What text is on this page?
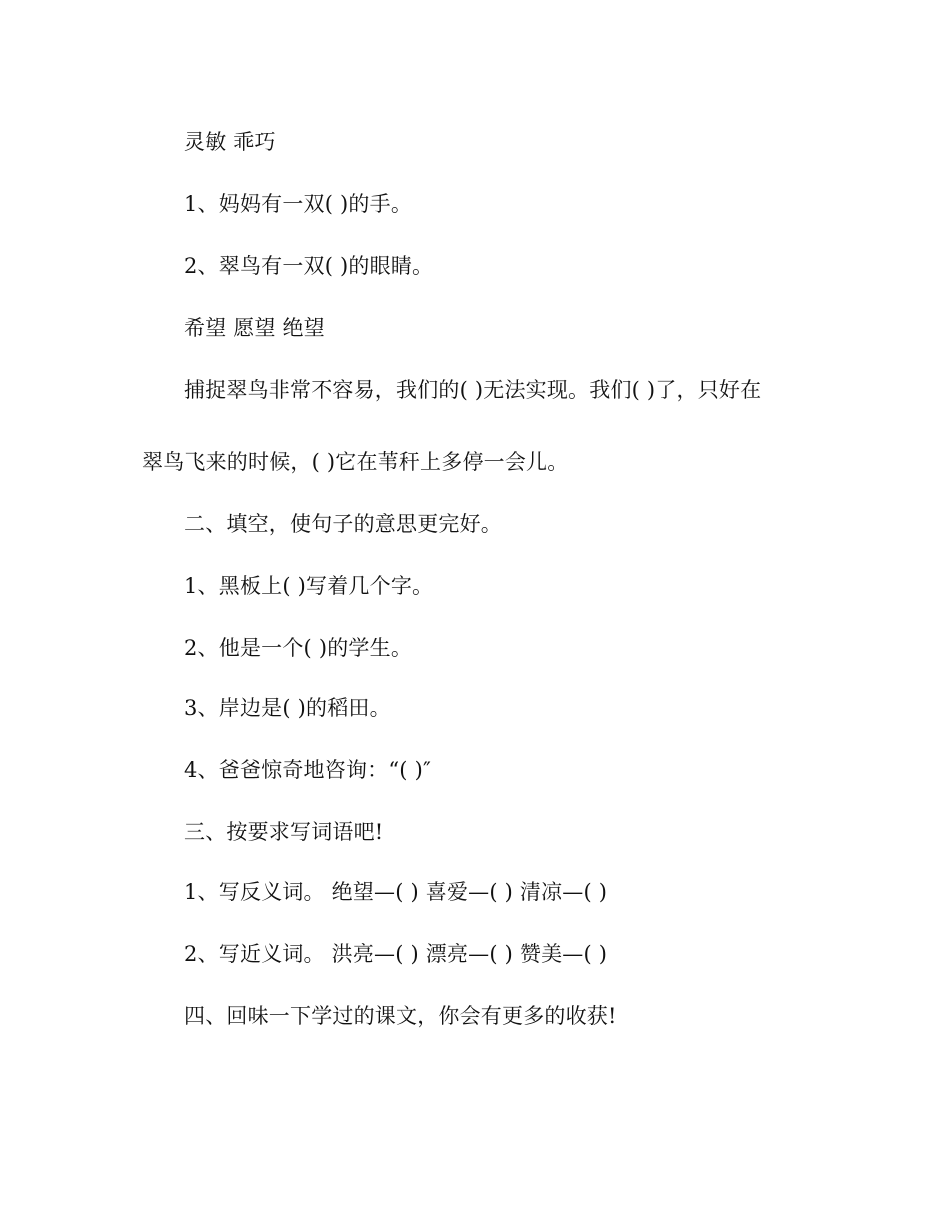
灵敏 乖巧
1、妈妈有一双( )的手。
2、翠鸟有一双( )的眼睛。
希望 愿望 绝望
捕捉翠鸟非常不容易，我们的( )无法实现。我们( )了，只好在
翠鸟飞来的时候，( )它在苇秆上多停一会儿。
二、填空，使句子的意思更完好。
1、黑板上( )写着几个字。
2、他是一个( )的学生。
3、岸边是( )的稻田。
4、爸爸惊奇地咨询：“( )″
三、按要求写词语吧!
1、写反义词。 绝望—( ) 喜爱—( ) 清凉—( )
2、写近义词。 洪亮—( ) 漂亮—( ) 赞美—( )
四、回味一下学过的课文，你会有更多的收获!
